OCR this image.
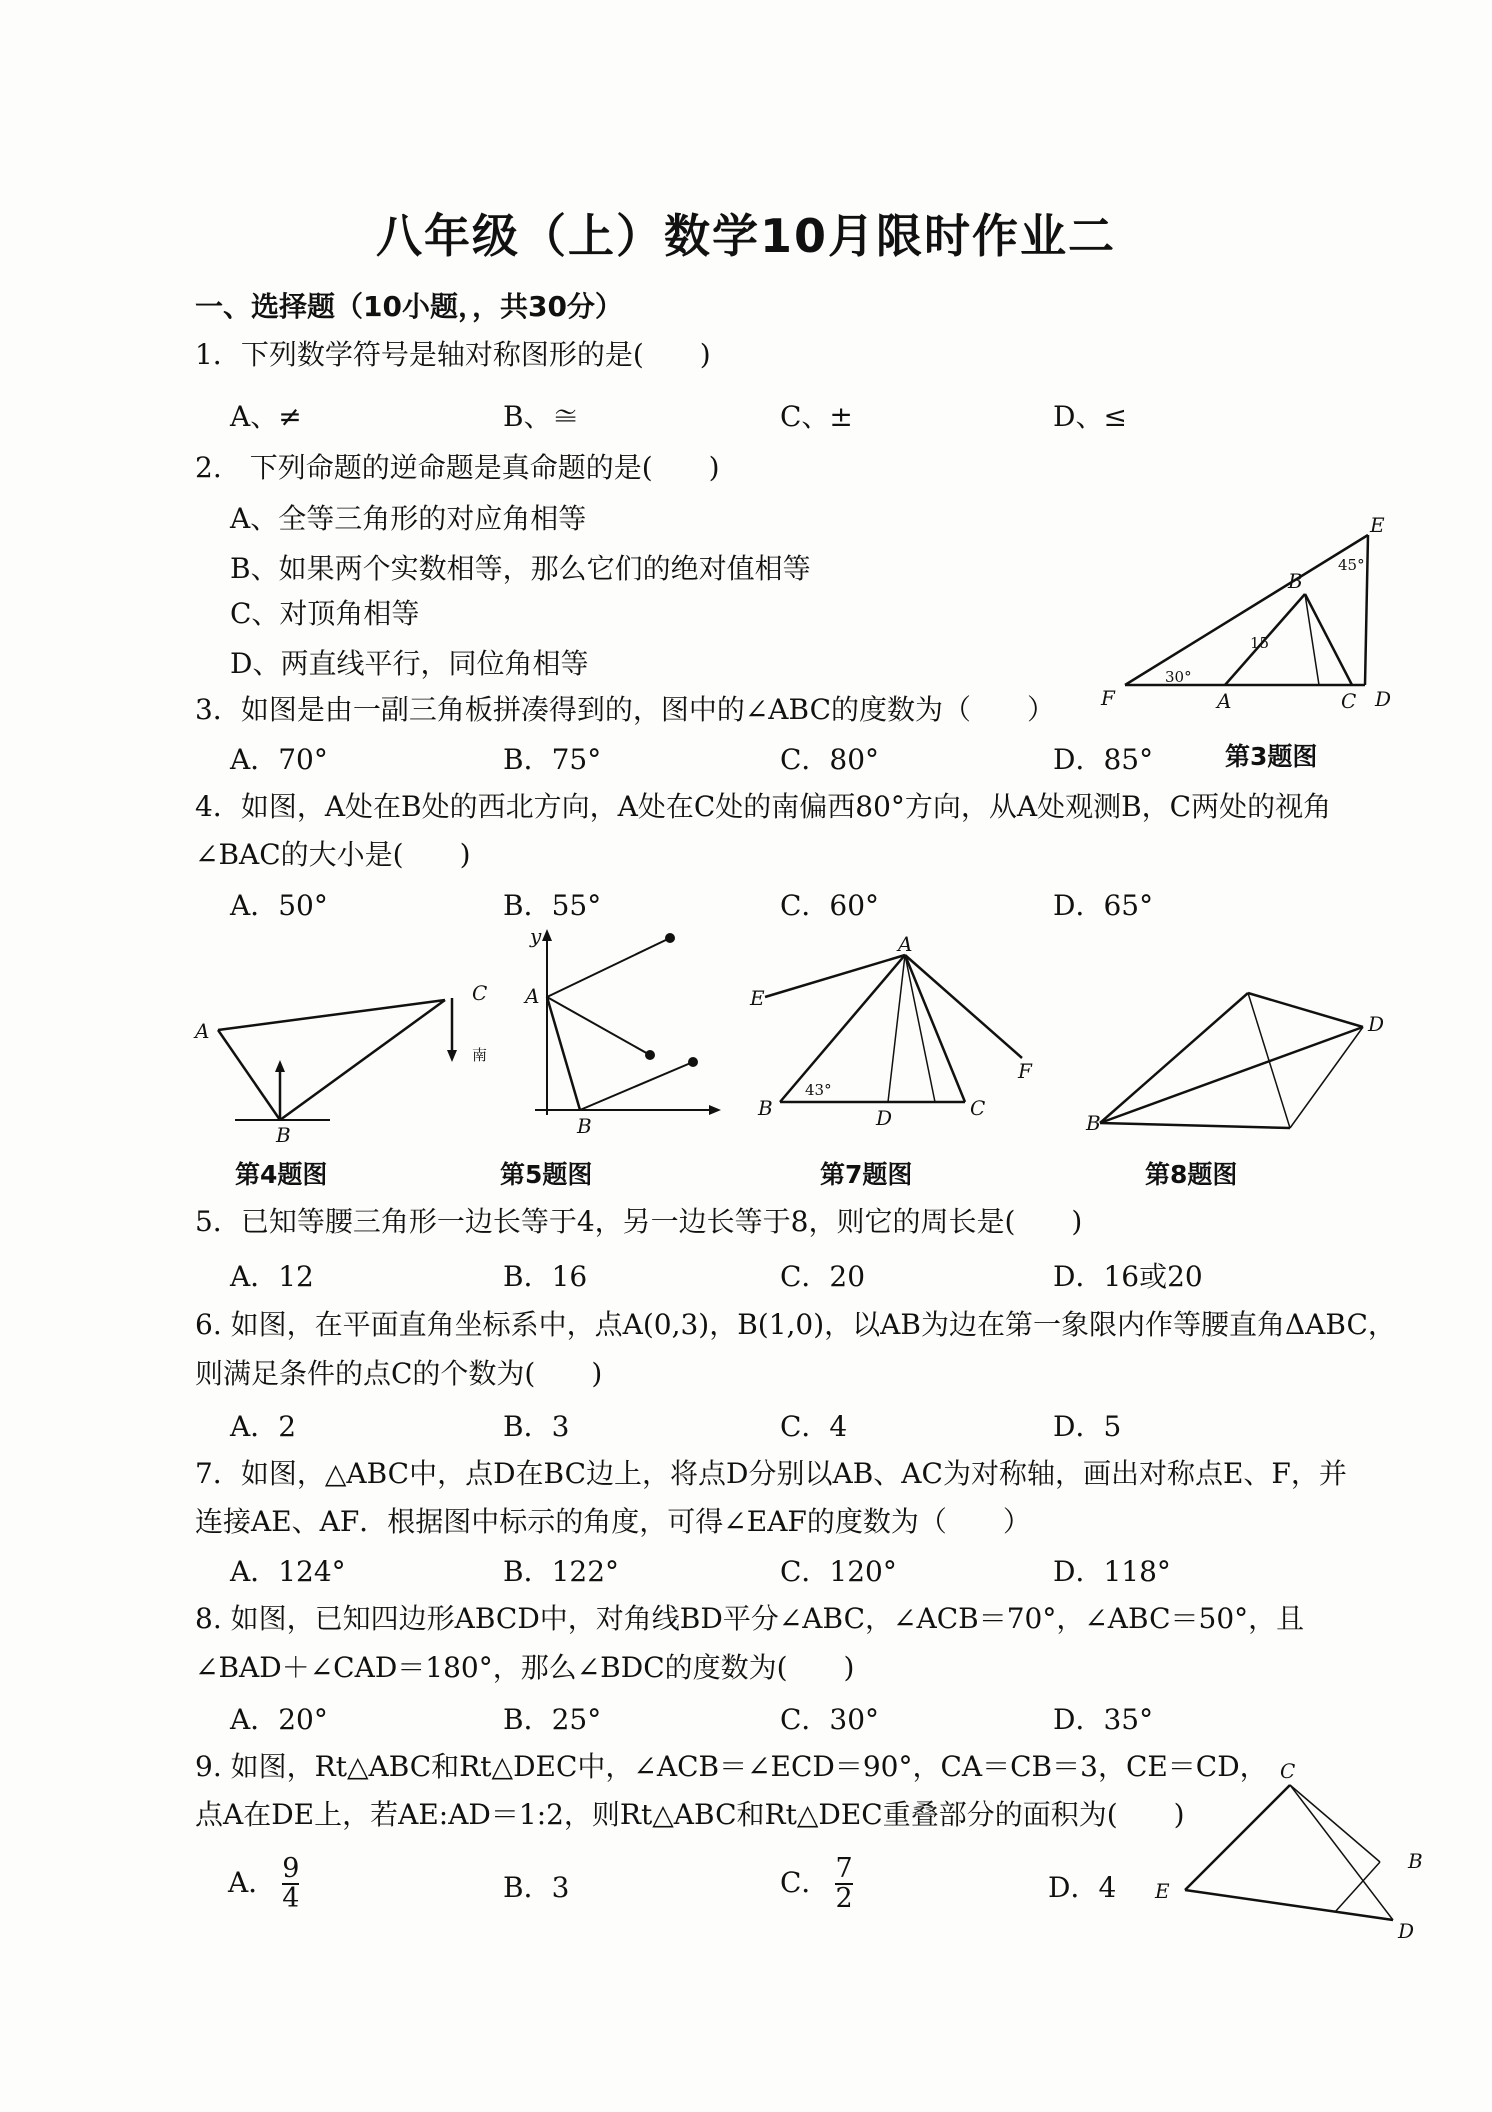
八年级（上）数学10月限时作业二
一、选择题（10小题，，共30分）
1．下列数学符号是轴对称图形的是(　　)
A、≠	B、≅	C、±	D、≤
2.　下列命题的逆命题是真命题的是(　　)
A、全等三角形的对应角相等
B、如果两个实数相等，那么它们的绝对值相等
C、对顶角相等
D、两直线平行，同位角相等
E
B
F	A	C D
30°
45°
15
3．如图是由一副三角板拼凑得到的，图中的∠ABC的度数为（　　）
A．70°	B．75°	C．80°	D．85°	第3题图
4．如图，A处在B处的西北方向，A处在C处的南偏西80°方向，从A处观测B，C两处的视角
∠BAC的大小是(　　)
A．50°	B．55°	C．60°	D．65°
A
B
C
南
y
A
B
A
E
F
B	D	C
43°
B
D
第4题图	第5题图	第7题图	第8题图
5．已知等腰三角形一边长等于4，另一边长等于8，则它的周长是(　　)
A．12	B．16	C．20	D．16或20
6. 如图，在平面直角坐标系中，点A(0,3)，B(1,0)，以AB为边在第一象限内作等腰直角ΔABC，
则满足条件的点C的个数为(　　)
A．2	B．3	C．4	D．5
7．如图，△ABC中，点D在BC边上，将点D分别以AB、AC为对称轴，画出对称点E、F，并
连接AE、AF．根据图中标示的角度，可得∠EAF的度数为（　　）
A．124°	B．122°	C．120°	D．118°
8. 如图，已知四边形ABCD中，对角线BD平分∠ABC，∠ACB＝70°，∠ABC＝50°，且
∠BAD＋∠CAD＝180°，那么∠BDC的度数为(　　)
A．20°	B．25°	C．30°	D．35°
9. 如图，Rt△ABC和Rt△DEC中，∠ACB＝∠ECD＝90°，CA＝CB＝3，CE＝CD，
点A在DE上，若AE:AD＝1:2，则Rt△ABC和Rt△DEC重叠部分的面积为(　　)
A． $\frac{9}{4}$	B．3	C． $\frac{7}{2}$	D．4
C
B
E
D
